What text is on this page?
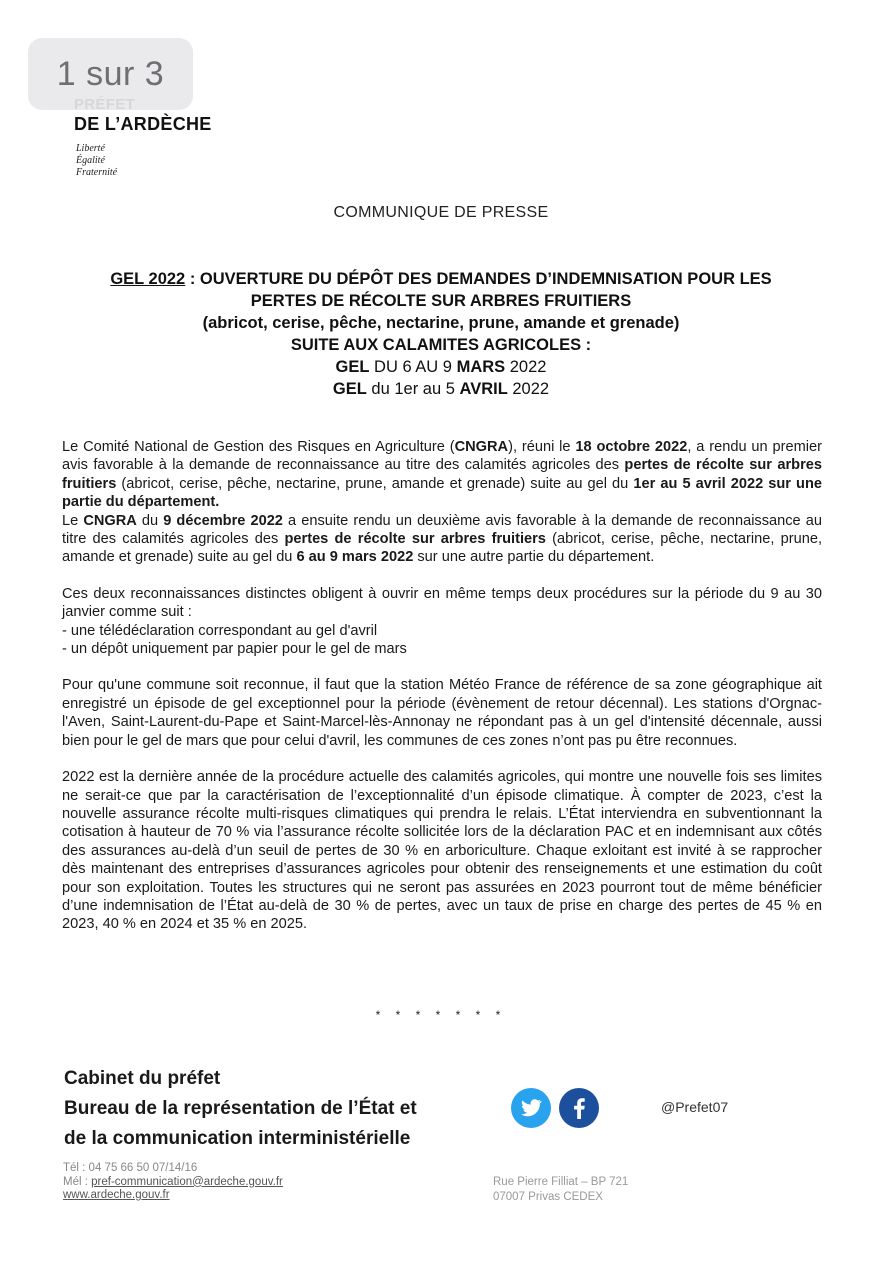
1 sur 3
DE L’ARDÈCHE
Liberté
Égalité
Fraternité
COMMUNIQUE DE PRESSE
GEL 2022 : OUVERTURE DU DÉPÔT DES DEMANDES D’INDEMNISATION POUR LES
PERTES DE RÉCOLTE SUR ARBRES FRUITIERS
(abricot, cerise, pêche, nectarine, prune, amande et grenade)
SUITE AUX CALAMITES AGRICOLES :
GEL DU 6 AU 9 MARS 2022
GEL du 1er au 5 AVRIL 2022

Le Comité National de Gestion des Risques en Agriculture (CNGRA), réuni le 18 octobre 2022, a rendu un premier avis favorable à la demande de reconnaissance au titre des calamités agricoles des pertes de récolte sur arbres fruitiers (abricot, cerise, pêche, nectarine, prune, amande et grenade) suite au gel du 1er au 5 avril 2022 sur une partie du département.

Le CNGRA du 9 décembre 2022 a ensuite rendu un deuxième avis favorable à la demande de reconnaissance au titre des calamités agricoles des pertes de récolte sur arbres fruitiers (abricot, cerise, pêche, nectarine, prune, amande et grenade) suite au gel du 6 au 9 mars 2022 sur une autre partie du département.

Ces deux reconnaissances distinctes obligent à ouvrir en même temps deux procédures sur la période du 9 au 30 janvier comme suit :

- une télédéclaration correspondant au gel d'avril

- un dépôt uniquement par papier pour le gel de mars

Pour qu'une commune soit reconnue, il faut que la station Météo France de référence de sa zone géographique ait enregistré un épisode de gel exceptionnel pour la période (évènement de retour décennal). Les stations d'Orgnac-l'Aven, Saint-Laurent-du-Pape et Saint-Marcel-lès-Annonay ne répondant pas à un gel d'intensité décennale, aussi bien pour le gel de mars que pour celui d'avril, les communes de ces zones n’ont pas pu être reconnues.

2022 est la dernière année de la procédure actuelle des calamités agricoles, qui montre une nouvelle fois ses limites ne serait-ce que par la caractérisation de l’exceptionnalité d’un épisode climatique. À compter de 2023, c’est la nouvelle assurance récolte multi-risques climatiques qui prendra le relais. L’État interviendra en subventionnant la cotisation à hauteur de 70 % via l’assurance récolte sollicitée lors de la déclaration PAC et en indemnisant aux côtés des assurances au-delà d’un seuil de pertes de 30 % en arboriculture. Chaque exloitant est invité à se rapprocher dès maintenant des entreprises d’assurances agricoles pour obtenir des renseignements et une estimation du coût pour son exploitation. Toutes les structures qui ne seront pas assurées en 2023 pourront tout de même bénéficier d’une indemnisation de l’État au-delà de 30 % de pertes, avec un taux de prise en charge des pertes de 45 % en 2023, 40 % en 2024 et 35 % en 2025.

* * * * * * *
Cabinet du préfet
Bureau de la représentation de l’État et
de la communication interministérielle
@Prefet07
Tél : 04 75 66 50 07/14/16
Mél : pref-communication@ardeche.gouv.fr
www.ardeche.gouv.fr
Rue Pierre Filliat – BP 721
07007 Privas CEDEX
